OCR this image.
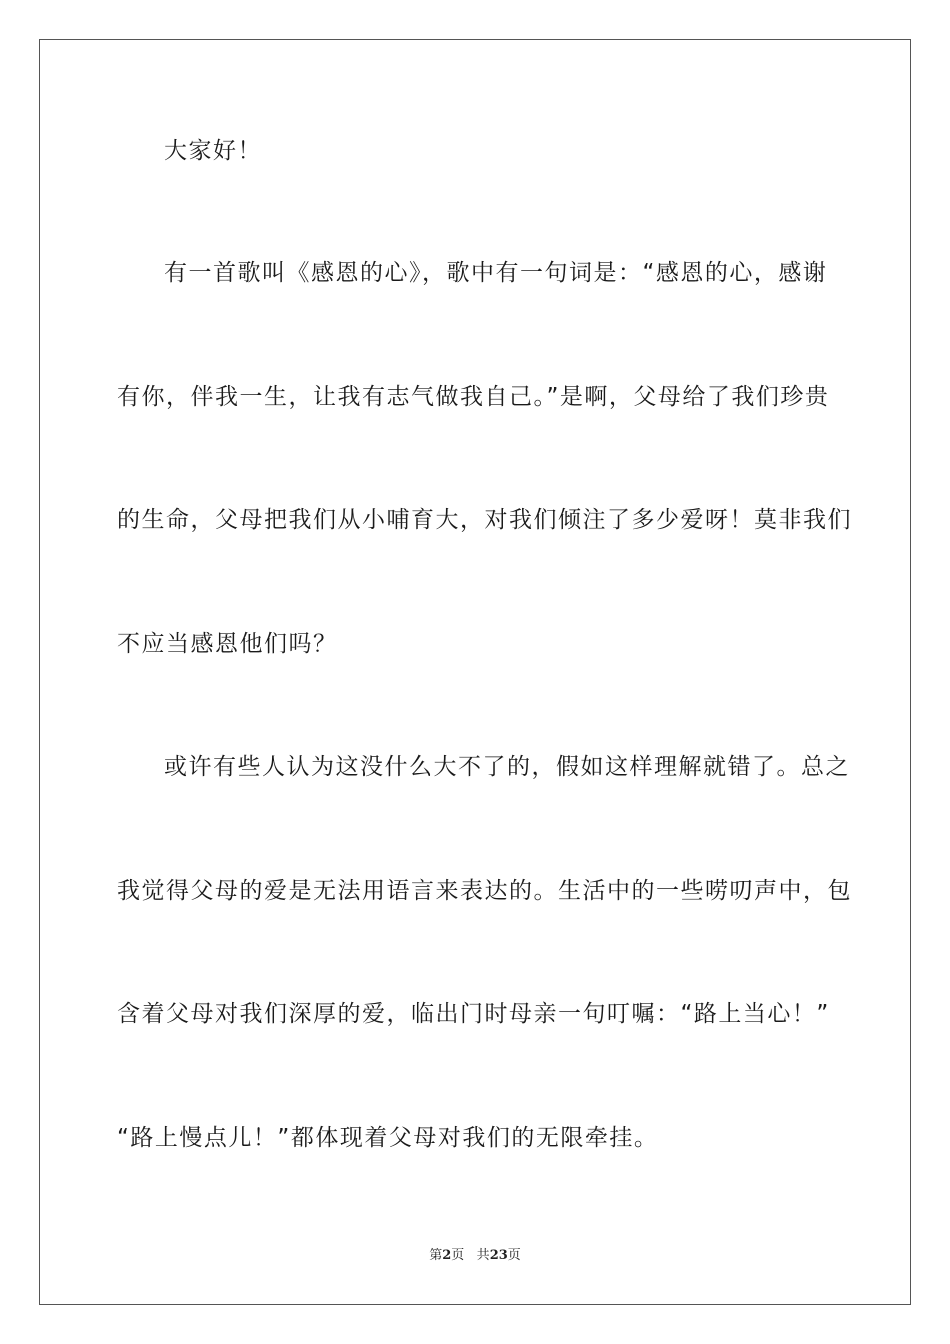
大家好！
有一首歌叫《感恩的心》，歌中有一句词是：“感恩的心，感谢
有你，伴我一生，让我有志气做我自己。”是啊，父母给了我们珍贵
的生命，父母把我们从小哺育大，对我们倾注了多少爱呀！莫非我们
不应当感恩他们吗？
或许有些人认为这没什么大不了的，假如这样理解就错了。总之
我觉得父母的爱是无法用语言来表达的。生活中的一些唠叨声中，包
含着父母对我们深厚的爱，临出门时母亲一句叮嘱：“路上当心！”
“路上慢点儿！”都体现着父母对我们的无限牵挂。
第2页 共23页
